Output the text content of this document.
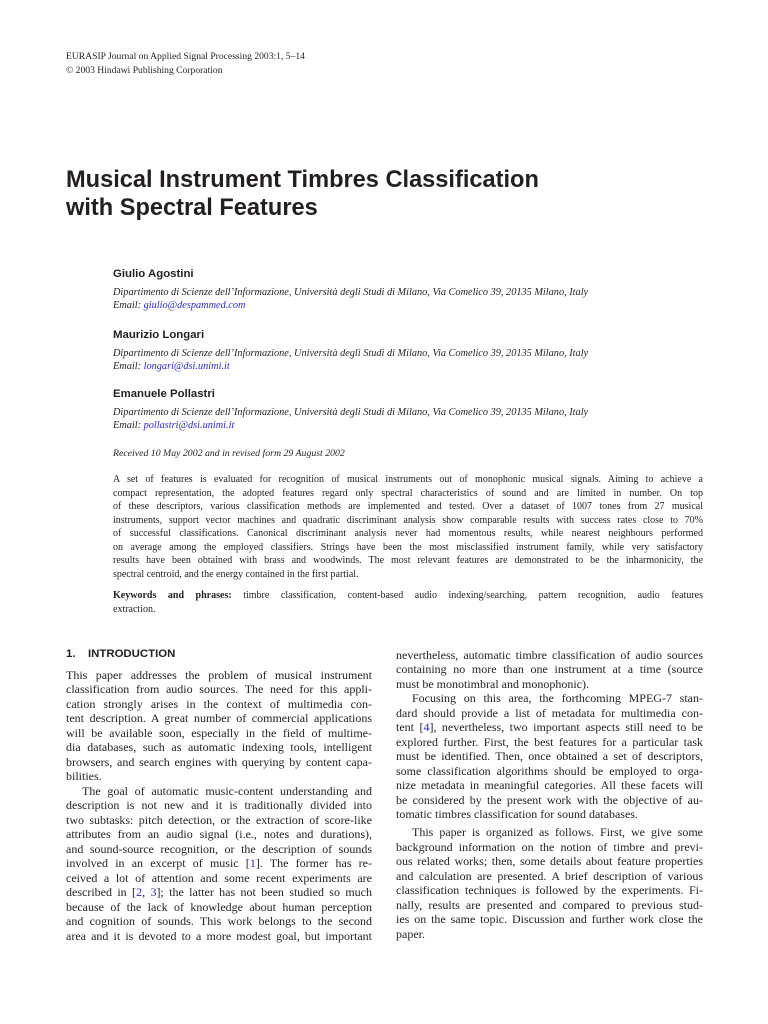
EURASIP Journal on Applied Signal Processing 2003:1, 5–14
© 2003 Hindawi Publishing Corporation
Musical Instrument Timbres Classification
with Spectral Features
Giulio Agostini
Dipartimento di Scienze dell’Informazione, Università degli Studi di Milano, Via Comelico 39, 20135 Milano, Italy
Email: giulio@despammed.com
Maurizio Longari
Dipartimento di Scienze dell’Informazione, Università degli Studi di Milano, Via Comelico 39, 20135 Milano, Italy
Email: longari@dsi.unimi.it
Emanuele Pollastri
Dipartimento di Scienze dell’Informazione, Università degli Studi di Milano, Via Comelico 39, 20135 Milano, Italy
Email: pollastri@dsi.unimi.it
Received 10 May 2002 and in revised form 29 August 2002
A set of features is evaluated for recognition of musical instruments out of monophonic musical signals. Aiming to achieve a
compact representation, the adopted features regard only spectral characteristics of sound and are limited in number. On top
of these descriptors, various classification methods are implemented and tested. Over a dataset of 1007 tones from 27 musical
instruments, support vector machines and quadratic discriminant analysis show comparable results with success rates close to 70%
of successful classifications. Canonical discriminant analysis never had momentous results, while nearest neighbours performed
on average among the employed classifiers. Strings have been the most misclassified instrument family, while very satisfactory
results have been obtained with brass and woodwinds. The most relevant features are demonstrated to be the inharmonicity, the
spectral centroid, and the energy contained in the first partial.
Keywords and phrases: timbre classification, content-based audio indexing/searching, pattern recognition, audio features
extraction.
1. INTRODUCTION
This paper addresses the problem of musical instrument
classification from audio sources. The need for this appli-
cation strongly arises in the context of multimedia con-
tent description. A great number of commercial applications
will be available soon, especially in the field of multime-
dia databases, such as automatic indexing tools, intelligent
browsers, and search engines with querying by content capa-
bilities.
The goal of automatic music-content understanding and
description is not new and it is traditionally divided into
two subtasks: pitch detection, or the extraction of score-like
attributes from an audio signal (i.e., notes and durations),
and sound-source recognition, or the description of sounds
involved in an excerpt of music [1]. The former has re-
ceived a lot of attention and some recent experiments are
described in [2, 3]; the latter has not been studied so much
because of the lack of knowledge about human perception
and cognition of sounds. This work belongs to the second
area and it is devoted to a more modest goal, but important
nevertheless, automatic timbre classification of audio sources
containing no more than one instrument at a time (source
must be monotimbral and monophonic).
Focusing on this area, the forthcoming MPEG-7 stan-
dard should provide a list of metadata for multimedia con-
tent [4], nevertheless, two important aspects still need to be
explored further. First, the best features for a particular task
must be identified. Then, once obtained a set of descriptors,
some classification algorithms should be employed to orga-
nize metadata in meaningful categories. All these facets will
be considered by the present work with the objective of au-
tomatic timbres classification for sound databases.
This paper is organized as follows. First, we give some
background information on the notion of timbre and previ-
ous related works; then, some details about feature properties
and calculation are presented. A brief description of various
classification techniques is followed by the experiments. Fi-
nally, results are presented and compared to previous stud-
ies on the same topic. Discussion and further work close the
paper.
